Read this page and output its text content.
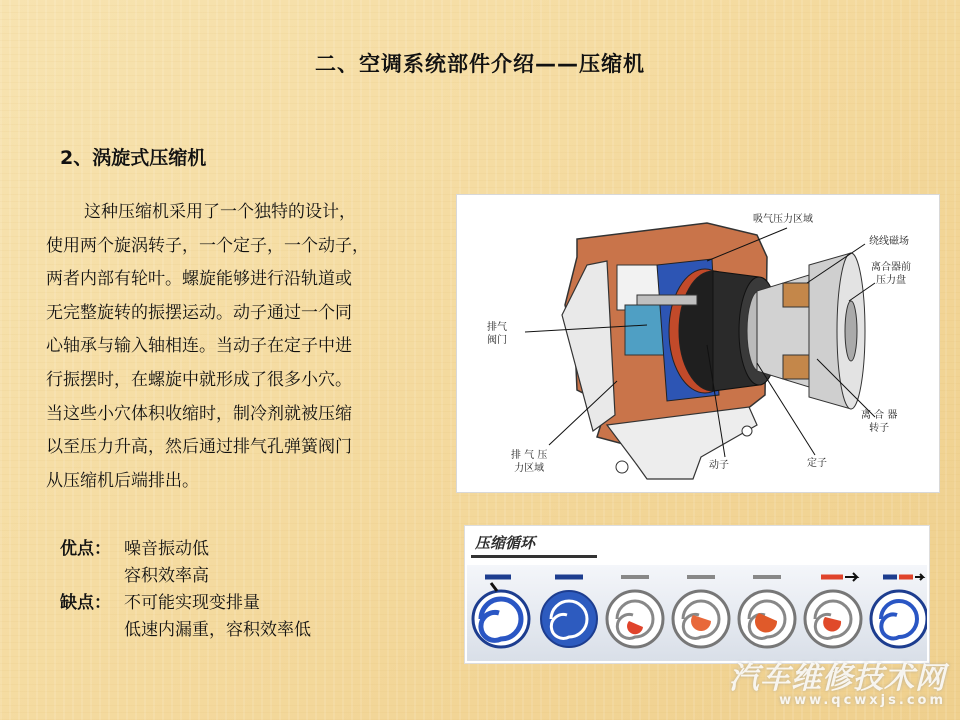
二、空调系统部件介绍——压缩机
2、涡旋式压缩机
这种压缩机采用了一个独特的设计，
使用两个旋涡转子，一个定子，一个动子，
两者内部有轮叶。螺旋能够进行沿轨道或
无完整旋转的振摆运动。动子通过一个同
心轴承与输入轴相连。当动子在定子中进
行振摆时，在螺旋中就形成了很多小穴。
当这些小穴体积收缩时，制冷剂就被压缩
以至压力升高，然后通过排气孔弹簧阀门
从压缩机后端排出。
优点： 噪音振动低
容积效率高
缺点： 不可能实现变排量
低速内漏重，容积效率低
吸气压力区域
绕线磁场
离合器前
压力盘
排气
阀门
离 合 器
转子
排 气 压
力区域	动子	定子
压缩循环
汽车维修技术网
www.qcwxjs.com
